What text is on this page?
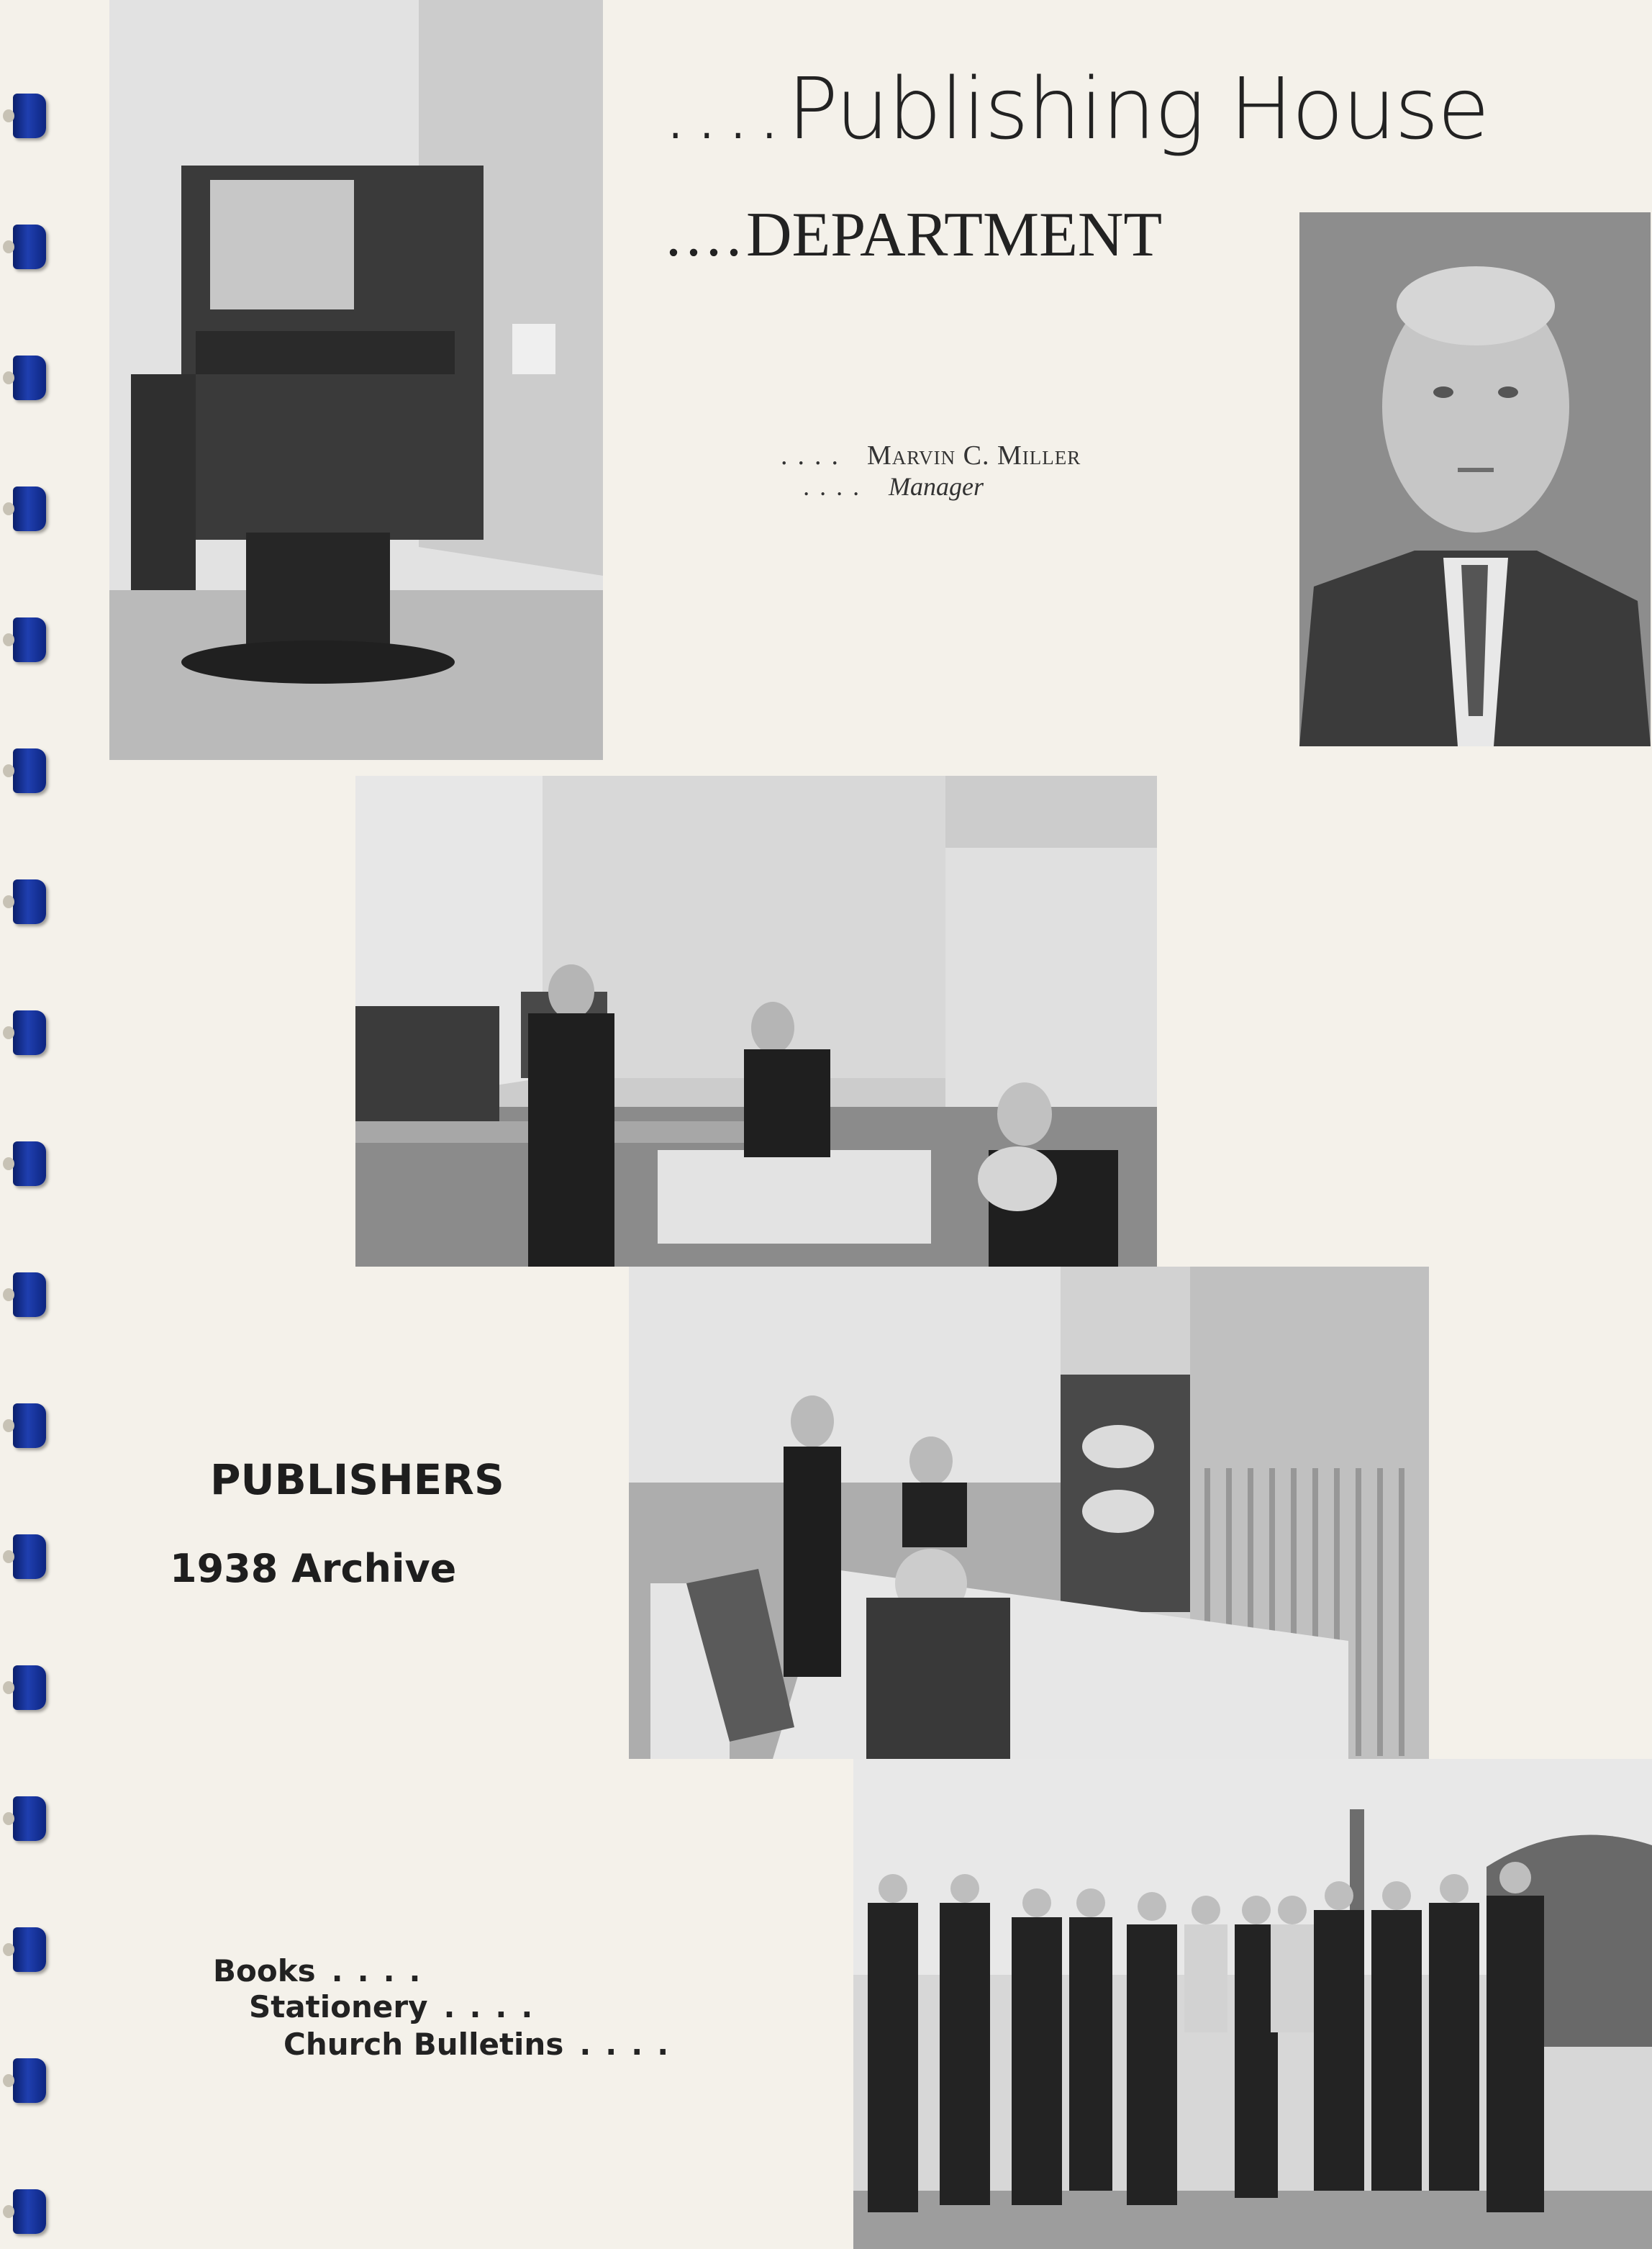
....Publishing House
....DEPARTMENT
.... Marvin C. Miller
.... Manager
PUBLISHERS
1938 Archive
Books ....
Stationery ....
Church Bulletins ....
